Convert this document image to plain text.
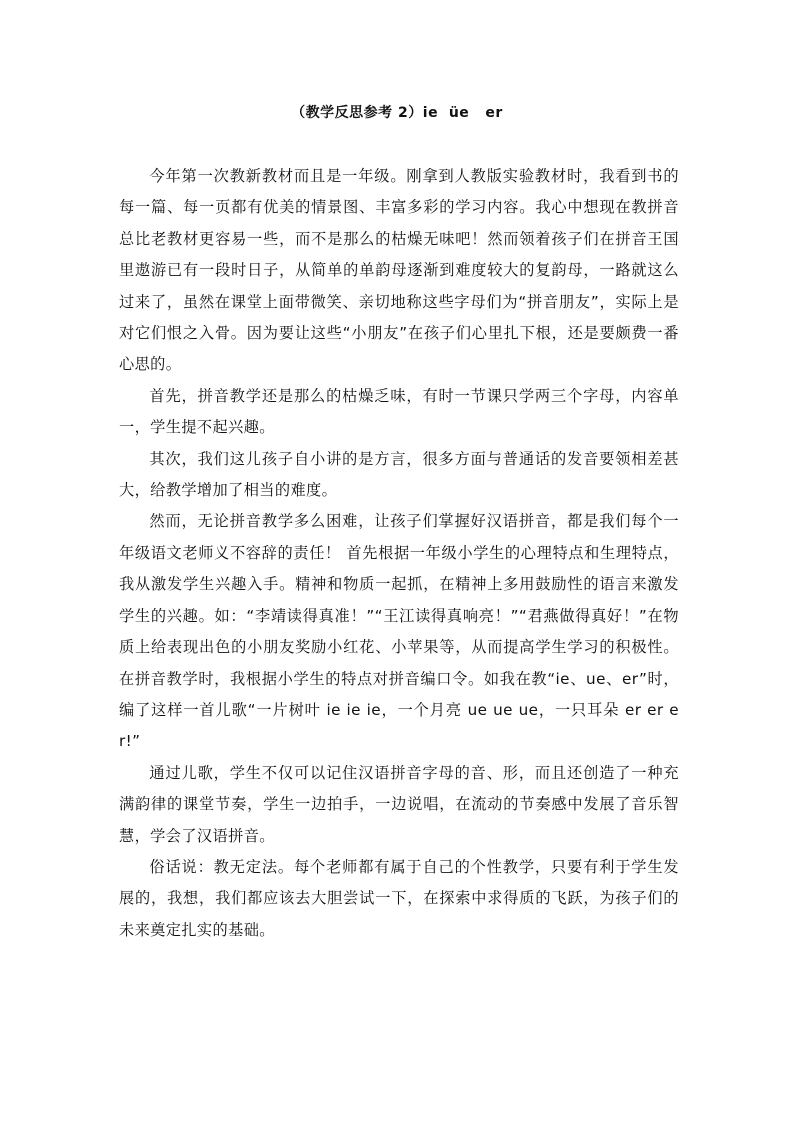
（教学反思参考 2）ie  üe   er

今年第一次教新教材而且是一年级。刚拿到人教版实验教材时，我看到书的每一篇、每一页都有优美的情景图、丰富多彩的学习内容。我心中想现在教拼音总比老教材更容易一些，而不是那么的枯燥无味吧！然而领着孩子们在拼音王国里遨游已有一段时日子，从简单的单韵母逐渐到难度较大的复韵母，一路就这么过来了，虽然在课堂上面带微笑、亲切地称这些字母们为“拼音朋友”，实际上是对它们恨之入骨。因为要让这些“小朋友”在孩子们心里扎下根，还是要颇费一番心思的。

首先，拼音教学还是那么的枯燥乏味，有时一节课只学两三个字母，内容单一，学生提不起兴趣。

其次，我们这儿孩子自小讲的是方言，很多方面与普通话的发音要领相差甚大，给教学增加了相当的难度。

然而，无论拼音教学多么困难，让孩子们掌握好汉语拼音，都是我们每个一年级语文老师义不容辞的责任！ 首先根据一年级小学生的心理特点和生理特点，我从激发学生兴趣入手。精神和物质一起抓，在精神上多用鼓励性的语言来激发学生的兴趣。如：“李靖读得真准！”“王江读得真响亮！”“君燕做得真好！”在物质上给表现出色的小朋友奖励小红花、小苹果等，从而提高学生学习的积极性。在拼音教学时，我根据小学生的特点对拼音编口令。如我在教“ie、ue、er”时，编了这样一首儿歌“一片树叶 ie ie ie，一个月亮 ue ue ue，一只耳朵 er er er!”

通过儿歌，学生不仅可以记住汉语拼音字母的音、形，而且还创造了一种充满韵律的课堂节奏，学生一边拍手，一边说唱，在流动的节奏感中发展了音乐智慧，学会了汉语拼音。

俗话说：教无定法。每个老师都有属于自己的个性教学，只要有利于学生发展的，我想，我们都应该去大胆尝试一下，在探索中求得质的飞跃，为孩子们的未来奠定扎实的基础。
